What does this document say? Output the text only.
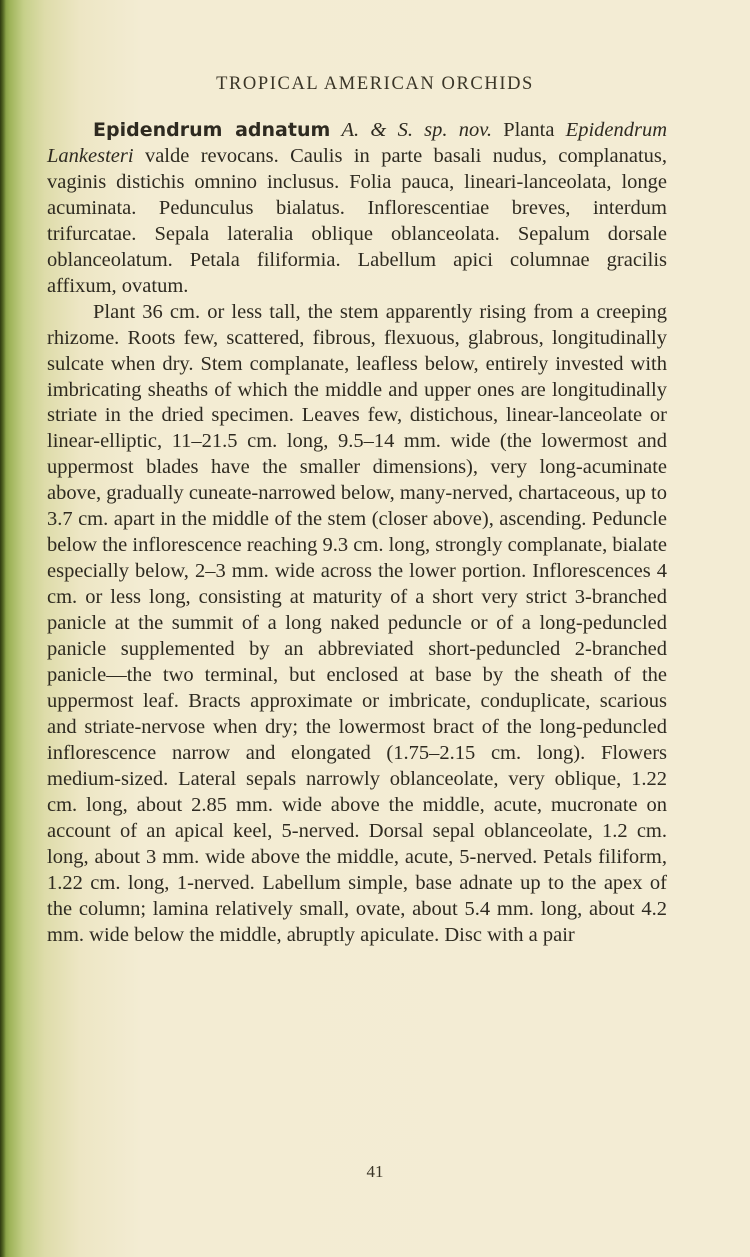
TROPICAL AMERICAN ORCHIDS

Epidendrum adnatum A. & S. sp. nov. Planta Epidendrum Lankesteri valde revocans. Caulis in parte basali nudus, complanatus, vaginis distichis omnino inclusus. Folia pauca, lineari-lanceolata, longe acuminata. Pedunculus bialatus. Inflorescentiae breves, interdum trifurcatae. Sepala lateralia oblique oblanceolata. Sepalum dorsale oblanceolatum. Petala filiformia. Labellum apici columnae gracilis affixum, ovatum.

Plant 36 cm. or less tall, the stem apparently rising from a creeping rhizome. Roots few, scattered, fibrous, flexuous, glabrous, longitudinally sulcate when dry. Stem complanate, leafless below, entirely invested with imbricating sheaths of which the middle and upper ones are longitudinally striate in the dried specimen. Leaves few, distichous, linear-lanceolate or linear-elliptic, 11–21.5 cm. long, 9.5–14 mm. wide (the lowermost and uppermost blades have the smaller dimensions), very long-acuminate above, gradually cuneate-narrowed below, many-nerved, chartaceous, up to 3.7 cm. apart in the middle of the stem (closer above), ascending. Peduncle below the inflorescence reaching 9.3 cm. long, strongly complanate, bialate especially below, 2–3 mm. wide across the lower portion. Inflorescences 4 cm. or less long, consisting at maturity of a short very strict 3-branched panicle at the summit of a long naked peduncle or of a long-peduncled panicle supplemented by an abbreviated short-peduncled 2-branched panicle—the two terminal, but enclosed at base by the sheath of the uppermost leaf. Bracts approximate or imbricate, conduplicate, scarious and striate-nervose when dry; the lowermost bract of the long-peduncled inflorescence narrow and elongated (1.75–2.15 cm. long). Flowers medium-sized. Lateral sepals narrowly oblanceolate, very oblique, 1.22 cm. long, about 2.85 mm. wide above the middle, acute, mucronate on account of an apical keel, 5-nerved. Dorsal sepal oblanceolate, 1.2 cm. long, about 3 mm. wide above the middle, acute, 5-nerved. Petals filiform, 1.22 cm. long, 1-nerved. Labellum simple, base adnate up to the apex of the column; lamina relatively small, ovate, about 5.4 mm. long, about 4.2 mm. wide below the middle, abruptly apiculate. Disc with a pair

41
